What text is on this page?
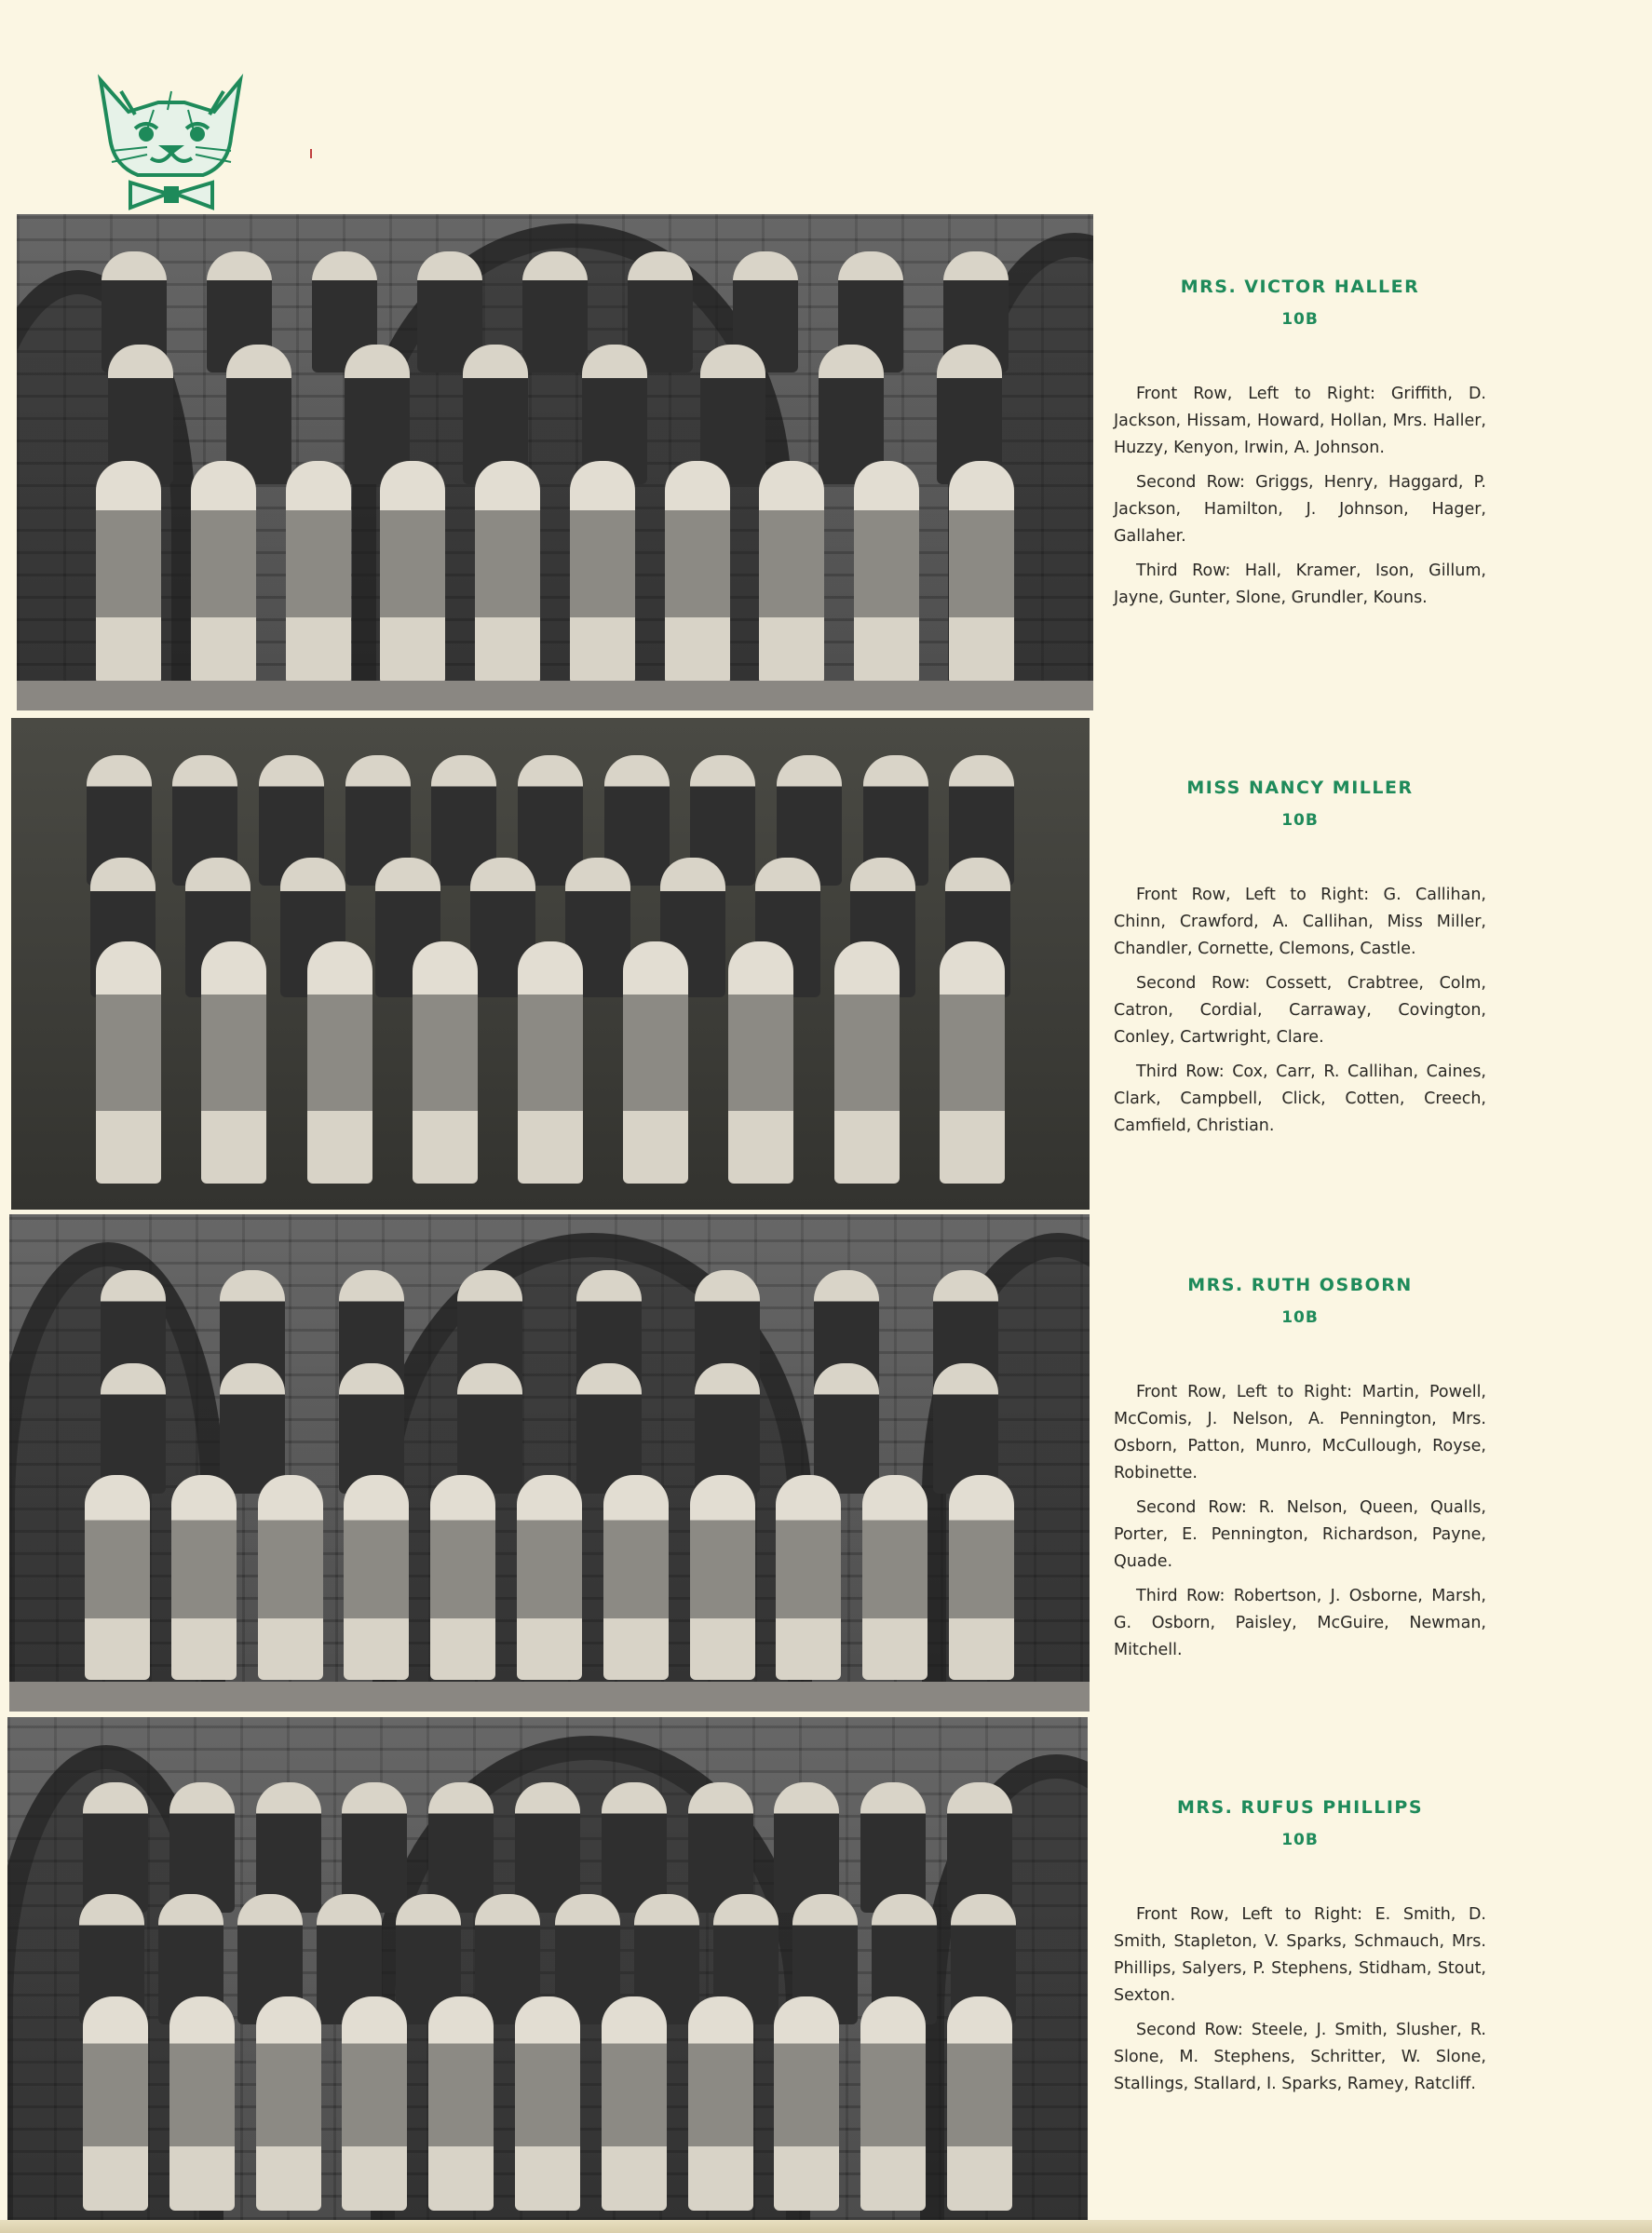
MRS. VICTOR HALLER

10B

Front Row, Left to Right: Griffith, D. Jackson, Hissam, Howard, Hollan, Mrs. Haller, Huzzy, Kenyon, Irwin, A. Johnson.

Second Row: Griggs, Henry, Haggard, P. Jackson, Hamilton, J. Johnson, Hager, Gallaher.

Third Row: Hall, Kramer, Ison, Gillum, Jayne, Gunter, Slone, Grundler, Kouns.

MISS NANCY MILLER

10B

Front Row, Left to Right: G. Callihan, Chinn, Crawford, A. Callihan, Miss Miller, Chandler, Cornette, Clemons, Castle.

Second Row: Cossett, Crabtree, Colm, Catron, Cordial, Carraway, Covington, Conley, Cartwright, Clare.

Third Row: Cox, Carr, R. Callihan, Caines, Clark, Campbell, Click, Cotten, Creech, Camfield, Christian.

MRS. RUTH OSBORN

10B

Front Row, Left to Right: Martin, Powell, McComis, J. Nelson, A. Pennington, Mrs. Osborn, Patton, Munro, McCullough, Royse, Robinette.

Second Row: R. Nelson, Queen, Qualls, Porter, E. Pennington, Richardson, Payne, Quade.

Third Row: Robertson, J. Osborne, Marsh, G. Osborn, Paisley, McGuire, Newman, Mitchell.

MRS. RUFUS PHILLIPS

10B

Front Row, Left to Right: E. Smith, D. Smith, Stapleton, V. Sparks, Schmauch, Mrs. Phillips, Salyers, P. Stephens, Stidham, Stout, Sexton.

Second Row: Steele, J. Smith, Slusher, R. Slone, M. Stephens, Schritter, W. Slone, Stallings, Stallard, I. Sparks, Ramey, Ratcliff.
